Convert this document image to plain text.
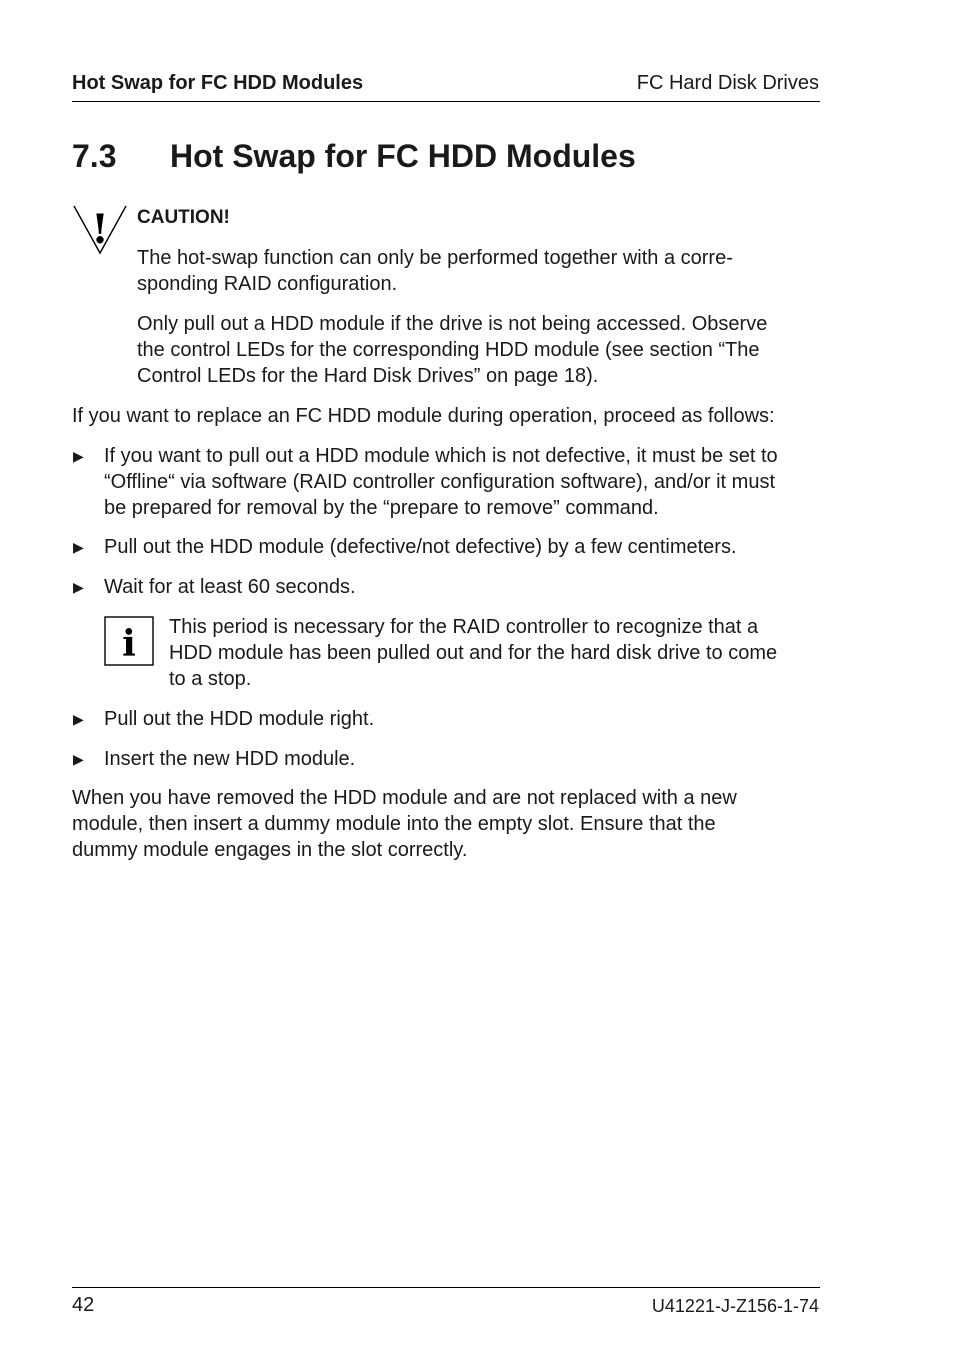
Hot Swap for FC HDD Modules	FC Hard Disk Drives
7.3 Hot Swap for FC HDD Modules
! CAUTION!
The hot-swap function can only be performed together with a corre-
sponding RAID configuration.
Only pull out a HDD module if the drive is not being accessed. Observe
the control LEDs for the corresponding HDD module (see section “The
Control LEDs for the Hard Disk Drives” on page 18).
If you want to replace an FC HDD module during operation, proceed as follows:
▶ If you want to pull out a HDD module which is not defective, it must be set to
“Offline“ via software (RAID controller configuration software), and/or it must
be prepared for removal by the “prepare to remove” command.
▶ Pull out the HDD module (defective/not defective) by a few centimeters.
▶ Wait for at least 60 seconds.
i This period is necessary for the RAID controller to recognize that a
HDD module has been pulled out and for the hard disk drive to come
to a stop.
▶ Pull out the HDD module right.
▶ Insert the new HDD module.
When you have removed the HDD module and are not replaced with a new
module, then insert a dummy module into the empty slot. Ensure that the
dummy module engages in the slot correctly.
42	U41221-J-Z156-1-74
